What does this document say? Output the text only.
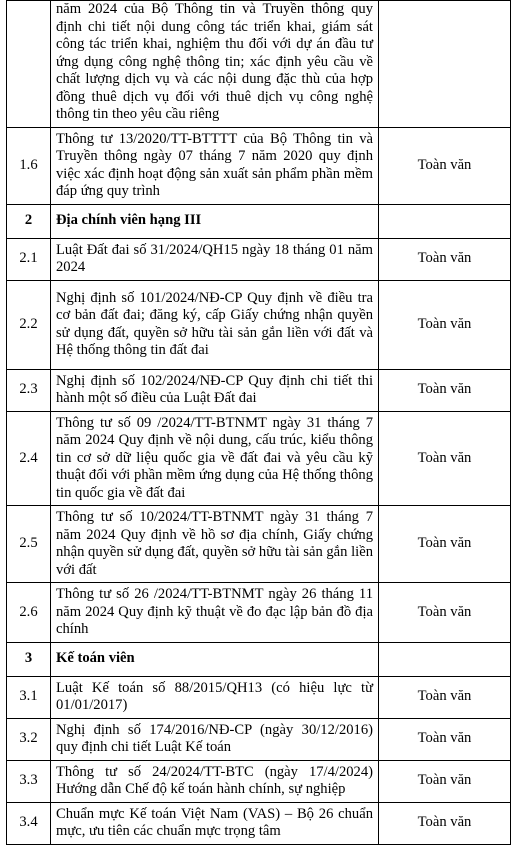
	năm 2024 của Bộ Thông tin và Truyền thông quy định chi tiết nội dung công tác triển khai, giám sát công tác triển khai, nghiệm thu đối với dự án đầu tư ứng dụng công nghệ thông tin; xác định yêu cầu về chất lượng dịch vụ và các nội dung đặc thù của hợp đồng thuê dịch vụ đối với thuê dịch vụ công nghệ thông tin theo yêu cầu riêng	
1.6	Thông tư 13/2020/TT-BTTTT của Bộ Thông tin và Truyền thông ngày 07 tháng 7 năm 2020 quy định việc xác định hoạt động sản xuất sản phẩm phần mềm đáp ứng quy trình	Toàn văn
2	Địa chính viên hạng III	
2.1	Luật Đất đai số 31/2024/QH15 ngày 18 tháng 01 năm 2024	Toàn văn
2.2	Nghị định số 101/2024/NĐ-CP Quy định về điều tra cơ bản đất đai; đăng ký, cấp Giấy chứng nhận quyền sử dụng đất, quyền sở hữu tài sản gắn liền với đất và Hệ thống thông tin đất đai	Toàn văn
2.3	Nghị định số 102/2024/NĐ-CP Quy định chi tiết thi hành một số điều của Luật Đất đai	Toàn văn
2.4	Thông tư số 09 /2024/TT-BTNMT ngày 31 tháng 7 năm 2024 Quy định về nội dung, cấu trúc, kiểu thông tin cơ sở dữ liệu quốc gia về đất đai và yêu cầu kỹ thuật đối với phần mềm ứng dụng của Hệ thống thông tin quốc gia về đất đai	Toàn văn
2.5	Thông tư số 10/2024/TT-BTNMT ngày 31 tháng 7 năm 2024 Quy định về hồ sơ địa chính, Giấy chứng nhận quyền sử dụng đất, quyền sở hữu tài sản gắn liền với đất	Toàn văn
2.6	Thông tư số 26 /2024/TT-BTNMT ngày 26 tháng 11 năm 2024 Quy định kỹ thuật về đo đạc lập bản đồ địa chính	Toàn văn
3	Kế toán viên	
3.1	Luật Kế toán số 88/2015/QH13 (có hiệu lực từ 01/01/2017)	Toàn văn
3.2	Nghị định số 174/2016/NĐ-CP (ngày 30/12/2016) quy định chi tiết Luật Kế toán	Toàn văn
3.3	Thông tư số 24/2024/TT-BTC (ngày 17/4/2024) Hướng dẫn Chế độ kế toán hành chính, sự nghiệp	Toàn văn
3.4	Chuẩn mực Kế toán Việt Nam (VAS) – Bộ 26 chuẩn mực, ưu tiên các chuẩn mực trọng tâm	Toàn văn
